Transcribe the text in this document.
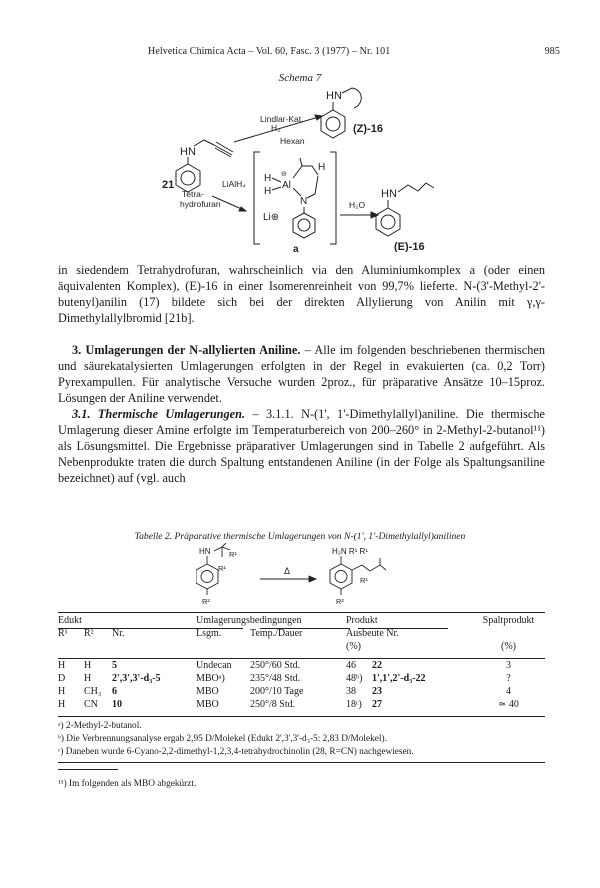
Helvetica Chimica Acta – Vol. 60, Fasc. 3 (1977) – Nr. 101	985
Schema 7
HN
21
Lindlar-Kat.
H₂
Hexan
HN
(Z)-16
LiAlH₄
Tetra-
hydrofuran
H
H
⊖
Al
H
N
Li⊕
a
H₂O
HN
(E)-16

in siedendem Tetrahydrofuran, wahrscheinlich via den Aluminiumkomplex a (oder einen äquivalenten Komplex), (E)-16 in einer Isomerenreinheit von 99,7% lieferte. N-(3'-Methyl-2'-butenyl)anilin (17) bildete sich bei der direkten Allylierung von Anilin mit γ,γ-Dimethylallylbromid [21b].

3. Umlagerungen der N-allylierten Aniline. – Alle im folgenden beschriebenen thermischen und säurekatalysierten Umlagerungen erfolgten in der Regel in evakuierten (ca. 0,2 Torr) Pyrexampullen. Für analytische Versuche wurden 2proz., für präparative Ansätze 10–15proz. Lösungen der Aniline verwendet.

3.1. Thermische Umlagerungen. – 3.1.1. N-(1', 1'-Dimethylallyl)aniline. Die thermische Umlagerung dieser Amine erfolgte im Temperaturbereich von 200–260° in 2-Methyl-2-butanol¹¹) als Lösungsmittel. Die Ergebnisse präparativer Umlagerungen sind in Tabelle 2 aufgeführt. Als Nebenprodukte traten die durch Spaltung entstandenen Aniline (in der Folge als Spaltungsaniline bezeichnet) auf (vgl. auch

Tabelle 2. Präparative thermische Umlagerungen von N-(1', 1'-Dimethylallyl)anilinen
HN R¹
R¹
R²
Δ
H₂N R¹ R¹
R¹
R²
Edukt			Umlagerungsbedingungen		Produkt		Spaltprodukt
R¹	R²	Nr.	Lsgm.	Temp./Dauer	Ausbeute Nr.		
					(%)		(%)

H	H	5	Undecan	250°/60 Std.	46	22	3
D	H	2',3',3'-d₃-5	MBOᵃ)	235°/48 Std.	48ᵇ)	1',1',2'-d₃-22	?
H	CH₃	6	MBO	200°/10 Tage	38	23	4
H	CN	10	MBO	250°/8 Std.	18ᶜ)	27	≃ 40
ᵃ) 2-Methyl-2-butanol.
ᵇ) Die Verbrennungsanalyse ergab 2,95 D/Molekel (Edukt 2',3',3'-d₃-5: 2,83 D/Molekel).
ᶜ) Daneben wurde 6-Cyano-2,2-dimethyl-1,2,3,4-tetrahydrochinolin (28, R=CN) nachgewiesen.
¹¹) Im folgenden als MBO abgekürzt.
